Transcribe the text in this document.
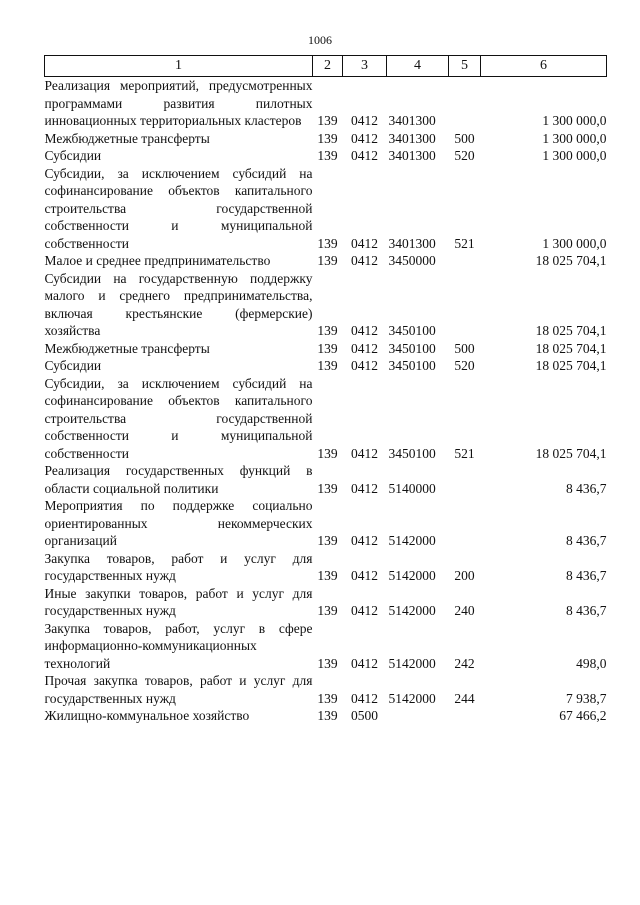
1006
1	2	3	4	5	6
Реализация мероприятий, предусмотренных программами развития пилотных инновационных территориальных кластеров	139	0412	3401300		1 300 000,0
Межбюджетные трансферты	139	0412	3401300	500	1 300 000,0
Субсидии	139	0412	3401300	520	1 300 000,0
Субсидии, за исключением субсидий на софинансирование объектов капитального строительства государственной собственности и муниципальной собственности	139	0412	3401300	521	1 300 000,0
Малое и среднее предпринимательство	139	0412	3450000		18 025 704,1
Субсидии на государственную поддержку малого и среднего предпринимательства, включая крестьянские (фермерские) хозяйства	139	0412	3450100		18 025 704,1
Межбюджетные трансферты	139	0412	3450100	500	18 025 704,1
Субсидии	139	0412	3450100	520	18 025 704,1
Субсидии, за исключением субсидий на софинансирование объектов капитального строительства государственной собственности и муниципальной собственности	139	0412	3450100	521	18 025 704,1
Реализация государственных функций в области социальной политики	139	0412	5140000		8 436,7
Мероприятия по поддержке социально ориентированных некоммерческих организаций	139	0412	5142000		8 436,7
Закупка товаров, работ и услуг для государственных нужд	139	0412	5142000	200	8 436,7
Иные закупки товаров, работ и услуг для государственных нужд	139	0412	5142000	240	8 436,7
Закупка товаров, работ, услуг в сфере информационно-коммуникационных технологий	139	0412	5142000	242	498,0
Прочая закупка товаров, работ и услуг для государственных нужд	139	0412	5142000	244	7 938,7
Жилищно-коммунальное хозяйство	139	0500			67 466,2
